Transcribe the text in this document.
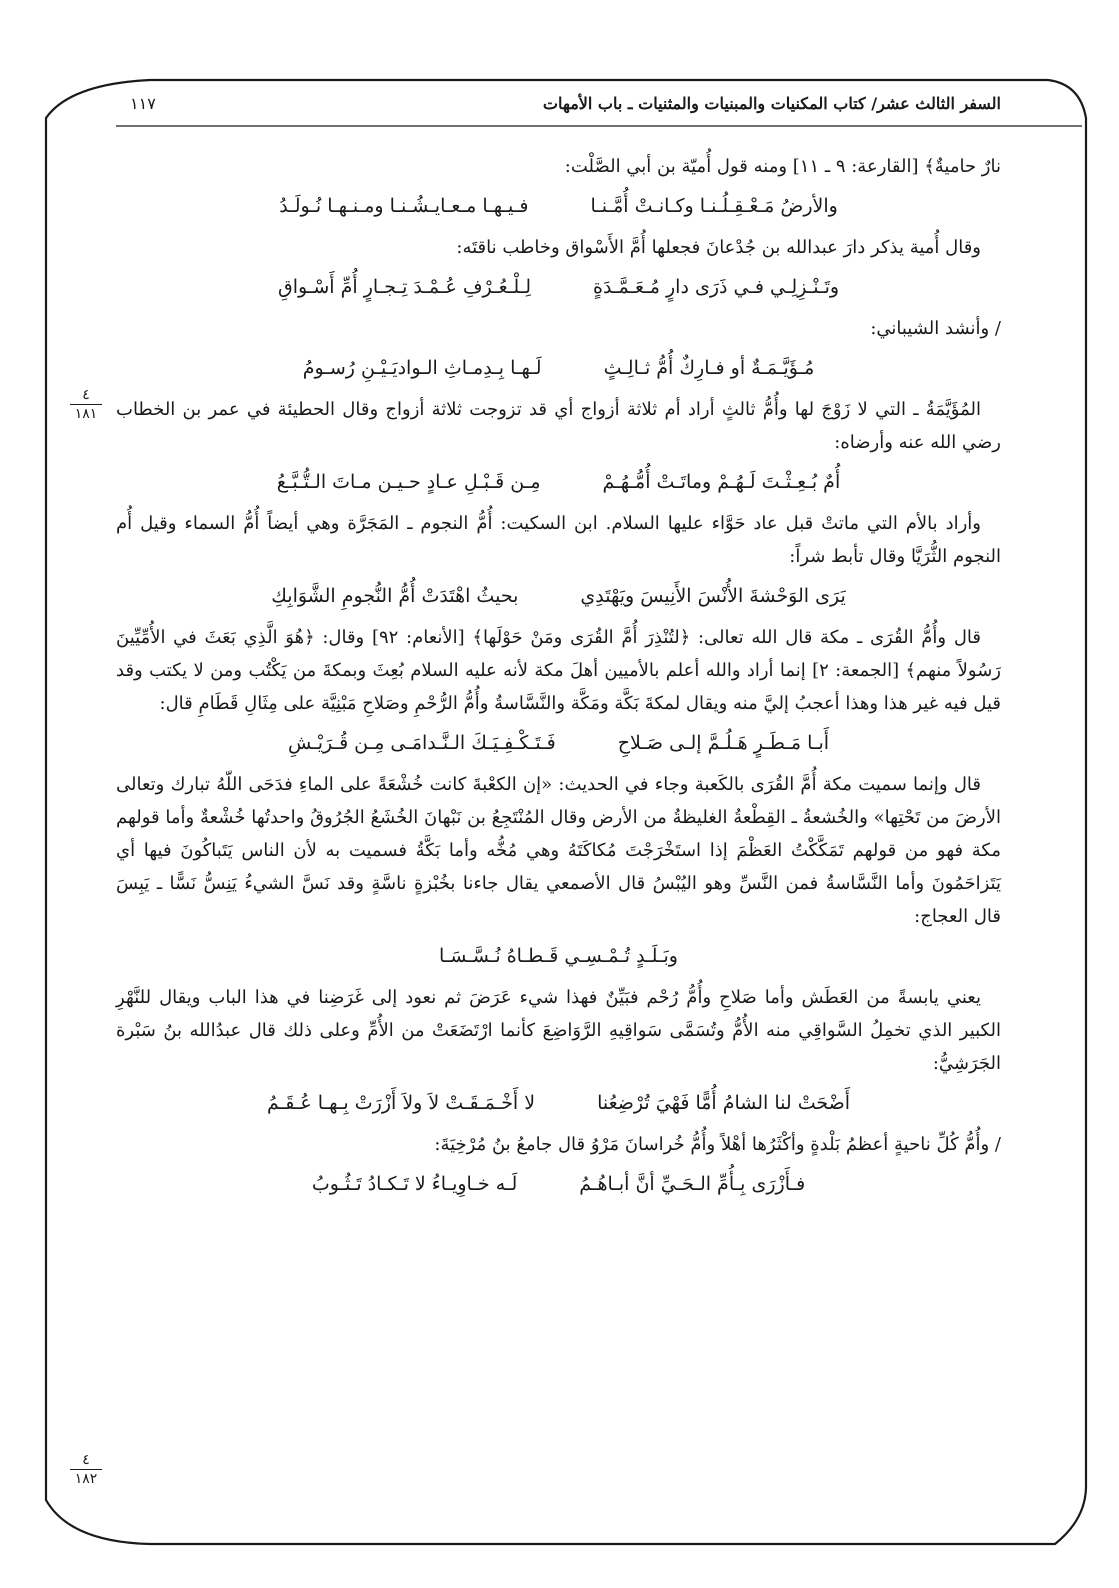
السفر الثالث عشر/ كتاب المكنيات والمبنيات والمثنيات ـ باب الأمهات
١١٧
٤
١٨١
٤
١٨٢

نارٌ حاميةٌ﴾ [القارعة: ٩ ـ ١١] ومنه قول أُميّة بن أبي الصَّلْت:

والأرضُ مَـعْـقِـلُـنـا وكـانـتْ أُمَّـنـا
فـيـهـا مـعـايـشُـنـا ومـنـهـا نُـولَـدُ

وقال أُمية يذكر دارَ عبدالله بن جُدْعانَ فجعلها أُمَّ الأَسْواق وخاطب ناقتَه:

وتَـنْـزِلِـي فـي ذَرَى دارٍ مُـعَـمَّـدَةٍ
لِـلْـعُـرْفِ عُـمْـدَ تِـجـارٍ أُمِّ أَسْـواقِ

/ وأنشد الشيباني:

مُـؤَيَّـمَـةٌ أو فـارِكٌ أُمُّ ثـالِـثٍ
لَـهـا بِـدِمـاثِ الـواديَـيْـنِ رُسـومُ

المُؤَيَّمَةُ ـ التي لا زَوْجَ لها وأُمُّ ثالثٍ أراد أم ثلاثة أزواج أي قد تزوجت ثلاثة أزواج وقال الحطيئة في عمر بن الخطاب رضي الله عنه وأرضاه:

أُمٌ بُـعِـثْـتَ لَـهُـمْ وماتَـتْ أُمُّـهُـمْ
مِـن قَـبْـلِ عـادٍ حـيـن مـاتَ الـتُّـبَّـعُ

وأراد بالأم التي ماتتْ قبل عاد حَوَّاء عليها السلام. ابن السكيت: أُمُّ النجوم ـ المَجَرَّة وهي أيضاً أُمُّ السماء وقيل أُم النجوم الثُّرَيَّا وقال تأبط شراً:

يَرَى الوَحْشةَ الأُنْسَ الأَنِيسَ ويَهْتَدِي
بحيثُ اهْتَدَتْ أُمُّ النُّجومِ الشَّوَابِكِ

قال وأُمُّ القُرَى ـ مكة قال الله تعالى: ﴿لتُنْذِرَ أُمَّ القُرَى ومَنْ حَوْلَها﴾ [الأنعام: ٩٢] وقال: ﴿هُوَ الَّذِي بَعَثَ في الأُمِّيِّينَ رَسُولاً منهم﴾ [الجمعة: ٢] إنما أراد والله أعلم بالأميين أهلَ مكة لأنه عليه السلام بُعِثَ وبمكةَ من يَكْتُب ومن لا يكتب وقد قيل فيه غير هذا وهذا أعجبُ إليَّ منه ويقال لمكةَ بَكَّة ومَكَّة والنَّسَّاسةُ وأُمُّ الرُّحْمِ وصَلاحِ مَبْنِيَّة على مِثَالِ قَطَامِ قال:

أَبـا مَـطَـرٍ هَـلُـمَّ إلـى صَـلاحِ
فَـتَـكْـفِـيَـكَ الـنَّـدامَـى مِـن قُـرَيْـشِ

قال وإنما سميت مكة أُمَّ القُرَى بالكَعبة وجاء في الحديث: «إن الكعْبةَ كانت خُشْعَةً على الماءِ فدَحَى اللّهُ تبارك وتعالى الأرضَ من تَحْتِها» والخُشعةُ ـ القِطْعةُ الغليظةُ من الأرض وقال المُنْتَجِعُ بن نَبْهانَ الخُشَعُ الجُرُوقُ واحدتُها خُشْعةٌ وأما قولهم مكة فهو من قولهم تَمَكَّكْتُ العَظْمَ إذا استَخْرَجْتَ مُكاكَتَهُ وهي مُخُّه وأما بَكَّةُ فسميت به لأن الناس يَتَباكُونَ فيها أي يَتَزاحَمُونَ وأما النَّسَّاسةُ فمن النَّسِّ وهو اليُبْسُ قال الأصمعي يقال جاءنا بخُبْزةٍ ناسَّةٍ وقد نَسَّ الشيءُ يَنِسُّ نَسًّا ـ يَبِسَ قال العجاج:

وبَـلَـدٍ تُـمْـسِـي قَـطـاهُ نُـسَّـسَـا

يعني يابسةً من العَطَش وأما صَلاحِ وأُمُّ رُحْم فبَيِّنٌ فهذا شيء عَرَضَ ثم نعود إلى غَرَضِنا في هذا الباب ويقال للنَّهْرِ الكبير الذي تخمِلُ السَّواقِي منه الأُمُّ وتُسَمَّى سَواقِيهِ الرَّوَاضِعَ كأنما ارْتَضَعَتْ من الأُمِّ وعلى ذلك قال عبدُالله بنُ سَبْرة الجَرَشِيُّ:

أَضْحَتْ لنا الشامُ أُمًّا فَهْيَ تُرْضِعُنا
لا أَخْـمَـقَـتْ لاَ ولاَ أَزْرَتْ بِـهـا عُـقَـمُ

/ وأُمُّ كُلِّ ناحيةٍ أعظمُ بَلْدةٍ وأكْثَرُها أهْلاً وأُمُّ خُراسانَ مَرْوُ قال جامعُ بنُ مُرْخِيَةَ:

فـأَزْرَى بِـأُمِّ الـحَـيِّ أنَّ أبـاهُـمُ
لَـه خـاوِيـاءُ لا تَـكـادُ تَـثُـوبُ
